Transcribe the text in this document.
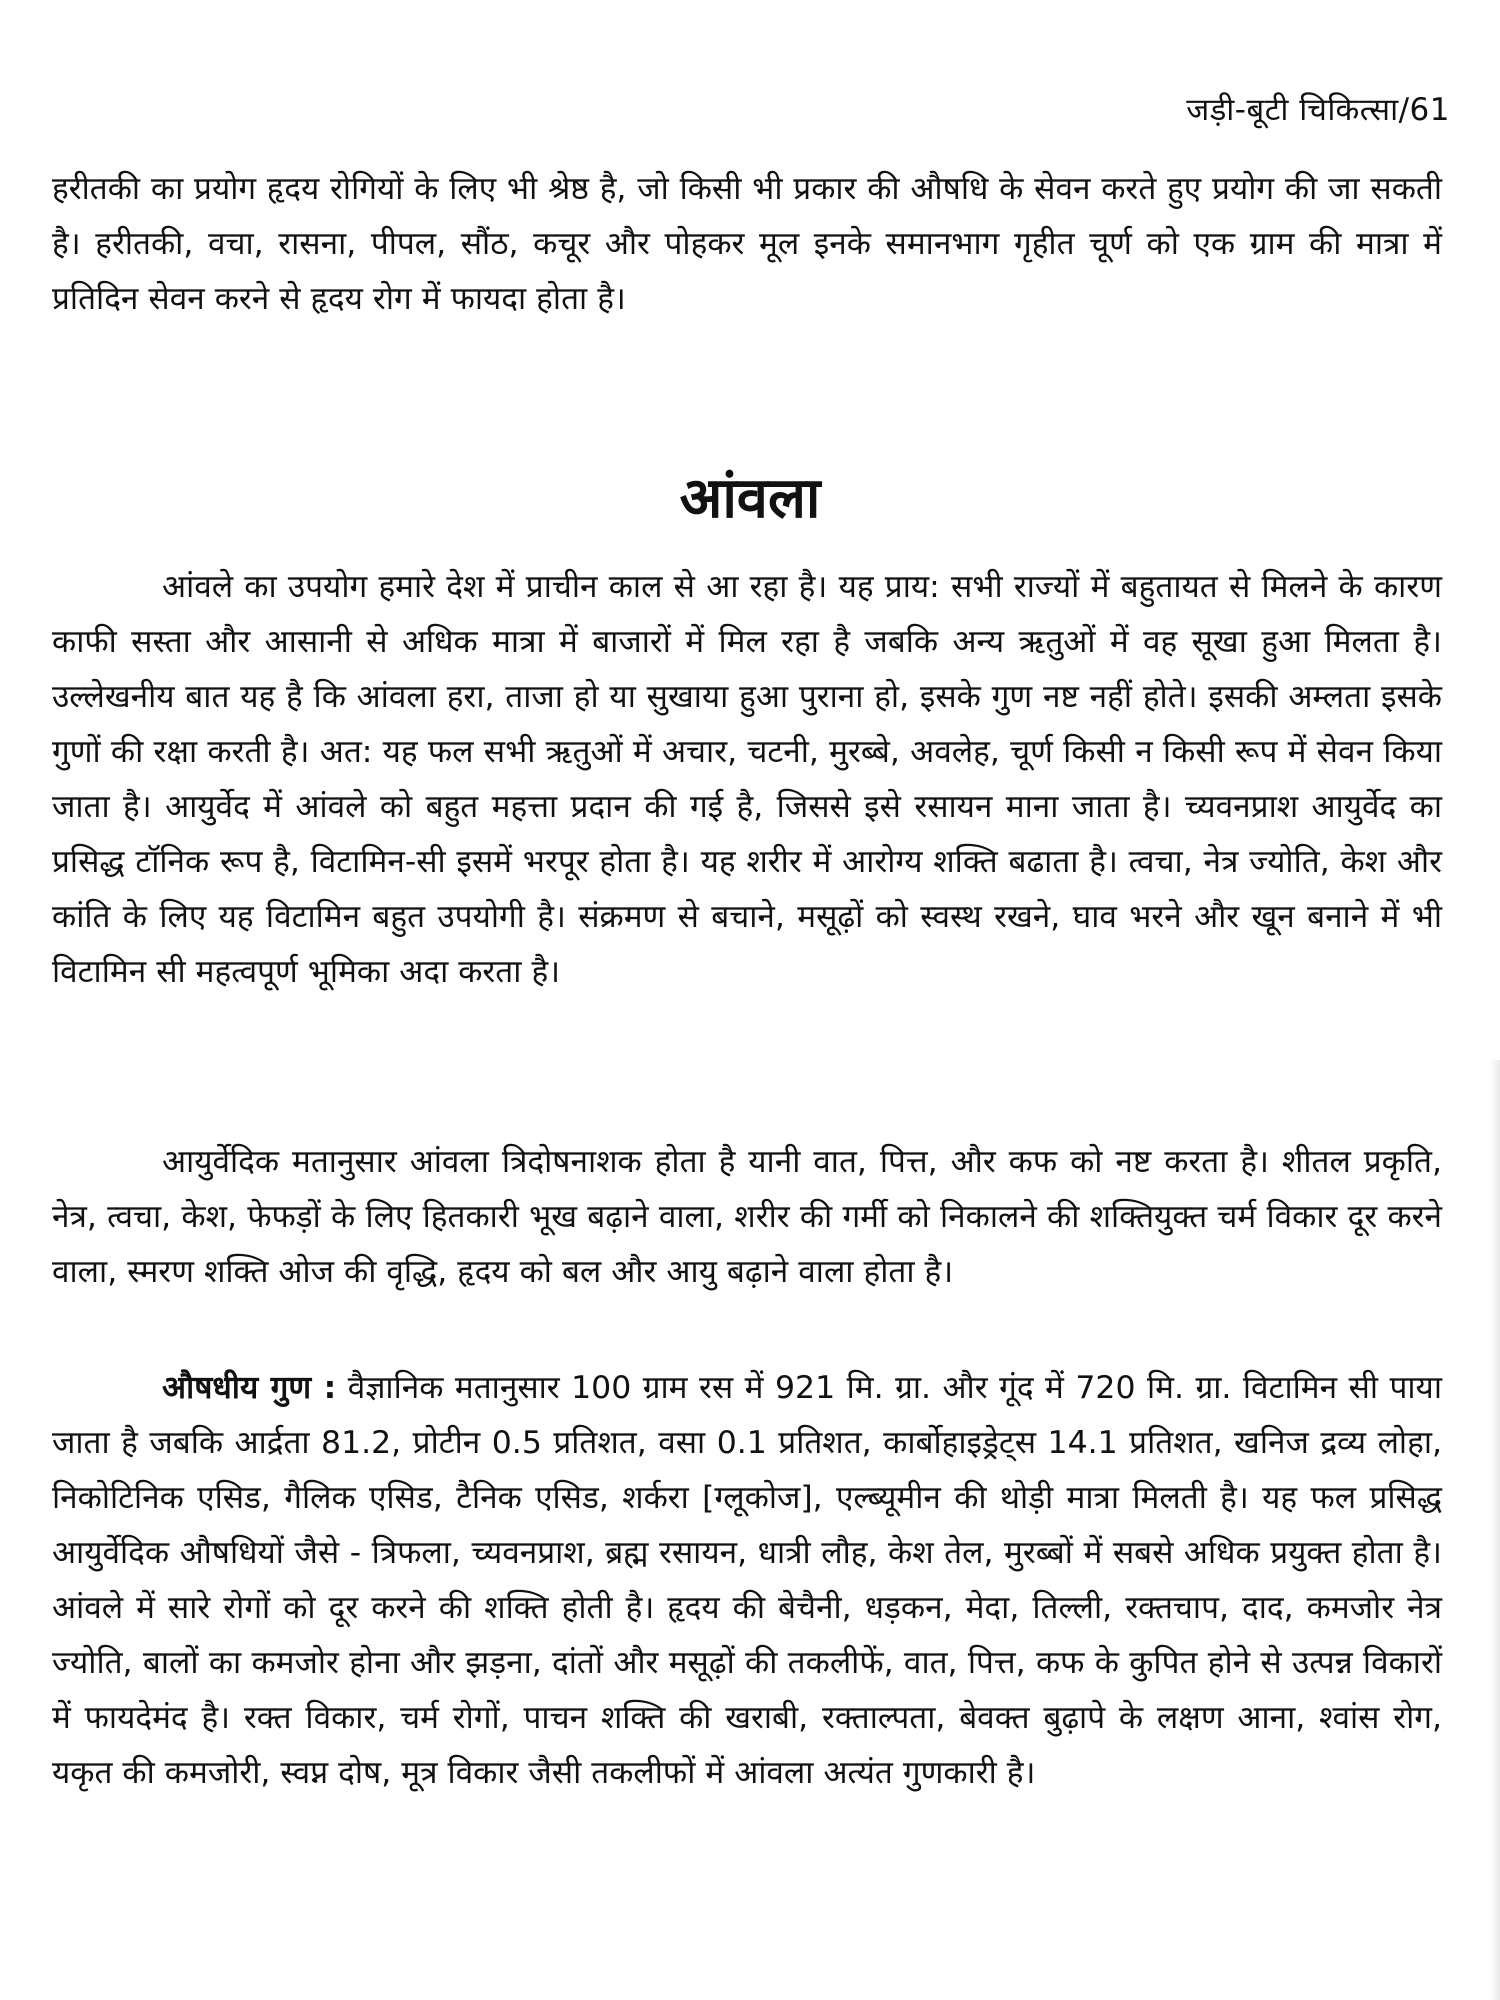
जड़ी-बूटी चिकित्सा/61

हरीतकी का प्रयोग हृदय रोगियों के लिए भी श्रेष्ठ है, जो किसी भी प्रकार की औषधि के सेवन करते हुए प्रयोग की जा सकती है। हरीतकी, वचा, रासना, पीपल, सौंठ, कचूर और पोहकर मूल इनके समानभाग गृहीत चूर्ण को एक ग्राम की मात्रा में प्रतिदिन सेवन करने से हृदय रोग में फायदा होता है।

आंवला

आंवले का उपयोग हमारे देश में प्राचीन काल से आ रहा है। यह प्राय: सभी राज्यों में बहुतायत से मिलने के कारण काफी सस्ता और आसानी से अधिक मात्रा में बाजारों में मिल रहा है जबकि अन्य ऋतुओं में वह सूखा हुआ मिलता है। उल्लेखनीय बात यह है कि आंवला हरा, ताजा हो या सुखाया हुआ पुराना हो, इसके गुण नष्ट नहीं होते। इसकी अम्लता इसके गुणों की रक्षा करती है। अत: यह फल सभी ऋतुओं में अचार, चटनी, मुरब्बे, अवलेह, चूर्ण किसी न किसी रूप में सेवन किया जाता है। आयुर्वेद में आंवले को बहुत महत्ता प्रदान की गई है, जिससे इसे रसायन माना जाता है। च्यवनप्राश आयुर्वेद का प्रसिद्ध टॉनिक रूप है, विटामिन-सी इसमें भरपूर होता है। यह शरीर में आरोग्य शक्ति बढाता है। त्वचा, नेत्र ज्योति, केश और कांति के लिए यह विटामिन बहुत उपयोगी है। संक्रमण से बचाने, मसूढ़ों को स्वस्थ रखने, घाव भरने और खून बनाने में भी विटामिन सी महत्वपूर्ण भूमिका अदा करता है।

आयुर्वेदिक मतानुसार आंवला त्रिदोषनाशक होता है यानी वात, पित्त, और कफ को नष्ट करता है। शीतल प्रकृति, नेत्र, त्वचा, केश, फेफड़ों के लिए हितकारी भूख बढ़ाने वाला, शरीर की गर्मी को निकालने की शक्तियुक्त चर्म विकार दूर करने वाला, स्मरण शक्ति ओज की वृद्धि, हृदय को बल और आयु बढ़ाने वाला होता है।

औषधीय गुण : वैज्ञानिक मतानुसार 100 ग्राम रस में 921 मि. ग्रा. और गूंद में 720 मि. ग्रा. विटामिन सी पाया जाता है जबकि आर्द्रता 81.2, प्रोटीन 0.5 प्रतिशत, वसा 0.1 प्रतिशत, कार्बोहाइड्रेट्स 14.1 प्रतिशत, खनिज द्रव्य लोहा, निकोटिनिक एसिड, गैलिक एसिड, टैनिक एसिड, शर्करा [ग्लूकोज], एल्ब्यूमीन की थोड़ी मात्रा मिलती है। यह फल प्रसिद्ध आयुर्वेदिक औषधियों जैसे - त्रिफला, च्यवनप्राश, ब्रह्म रसायन, धात्री लौह, केश तेल, मुरब्बों में सबसे अधिक प्रयुक्त होता है। आंवले में सारे रोगों को दूर करने की शक्ति होती है। हृदय की बेचैनी, धड़कन, मेदा, तिल्ली, रक्तचाप, दाद, कमजोर नेत्र ज्योति, बालों का कमजोर होना और झड़ना, दांतों और मसूढ़ों की तकलीफें, वात, पित्त, कफ के कुपित होने से उत्पन्न विकारों में फायदेमंद है। रक्त विकार, चर्म रोगों, पाचन शक्ति की खराबी, रक्ताल्पता, बेवक्त बुढ़ापे के लक्षण आना, श्वांस रोग, यकृत की कमजोरी, स्वप्न दोष, मूत्र विकार जैसी तकलीफों में आंवला अत्यंत गुणकारी है।
